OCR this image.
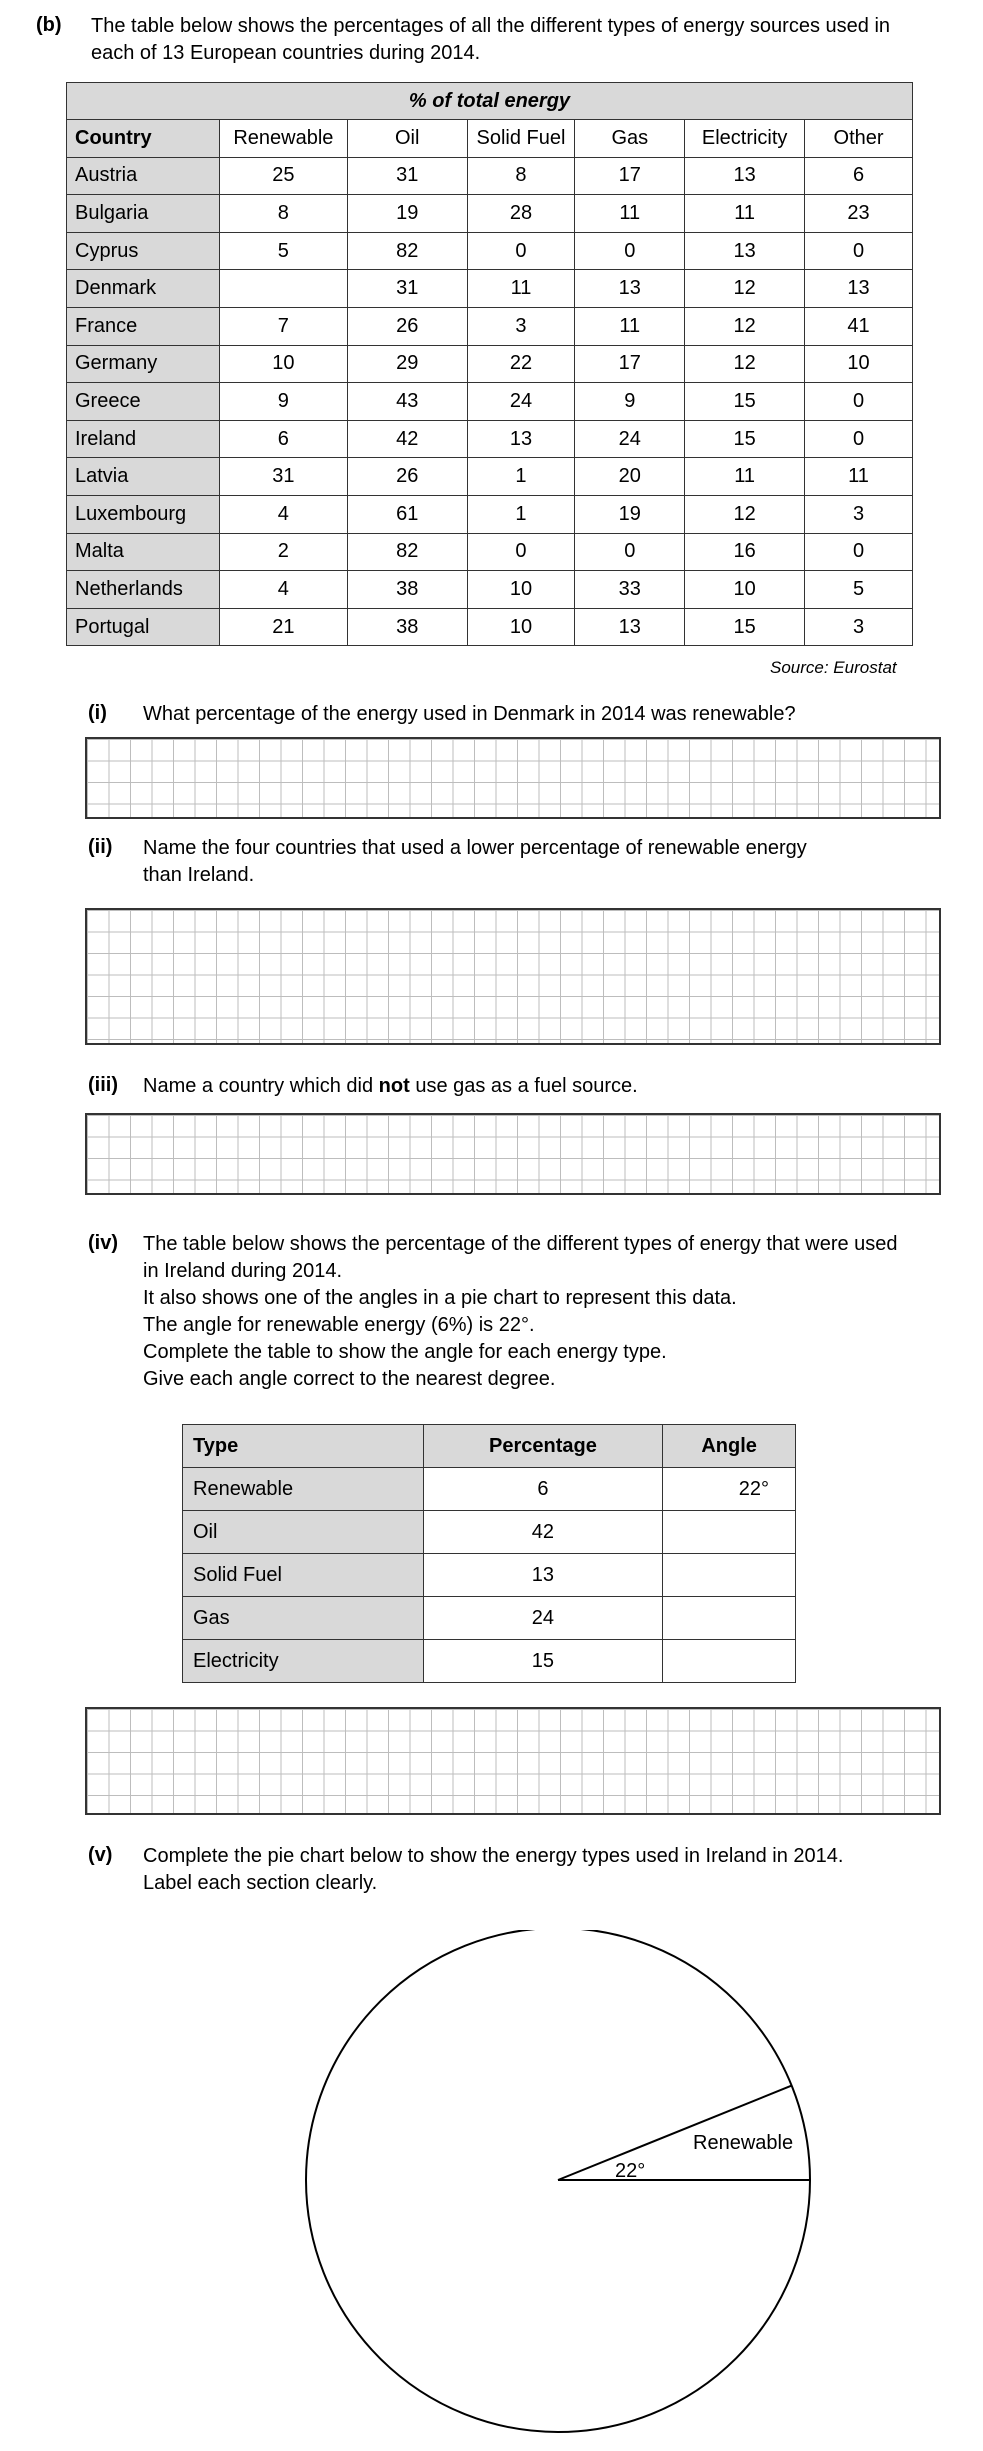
(b) The table below shows the percentages of all the different types of energy sources used in
each of 13 European countries during 2014.
% of total energy						
Country	Renewable	Oil	Solid Fuel	Gas	Electricity	Other
Austria	25	31	8	17	13	6
Bulgaria	8	19	28	11	11	23
Cyprus	5	82	0	0	13	0
Denmark		31	11	13	12	13
France	7	26	3	11	12	41
Germany	10	29	22	17	12	10
Greece	9	43	24	9	15	0
Ireland	6	42	13	24	15	0
Latvia	31	26	1	20	11	11
Luxembourg	4	61	1	19	12	3
Malta	2	82	0	0	16	0
Netherlands	4	38	10	33	10	5
Portugal	21	38	10	13	15	3
Source: Eurostat
(i) What percentage of the energy used in Denmark in 2014 was renewable?
(ii) Name the four countries that used a lower percentage of renewable energy
than Ireland.
(iii) Name a country which did not use gas as a fuel source.
(iv) The table below shows the percentage of the different types of energy that were used
in Ireland during 2014.
It also shows one of the angles in a pie chart to represent this data.
The angle for renewable energy (6%) is 22°.
Complete the table to show the angle for each energy type.
Give each angle correct to the nearest degree.
Type	Percentage	Angle
Renewable	6	22°
Oil	42	
Solid Fuel	13	
Gas	24	
Electricity	15	
(v) Complete the pie chart below to show the energy types used in Ireland in 2014.
Label each section clearly.
Renewable
22°
